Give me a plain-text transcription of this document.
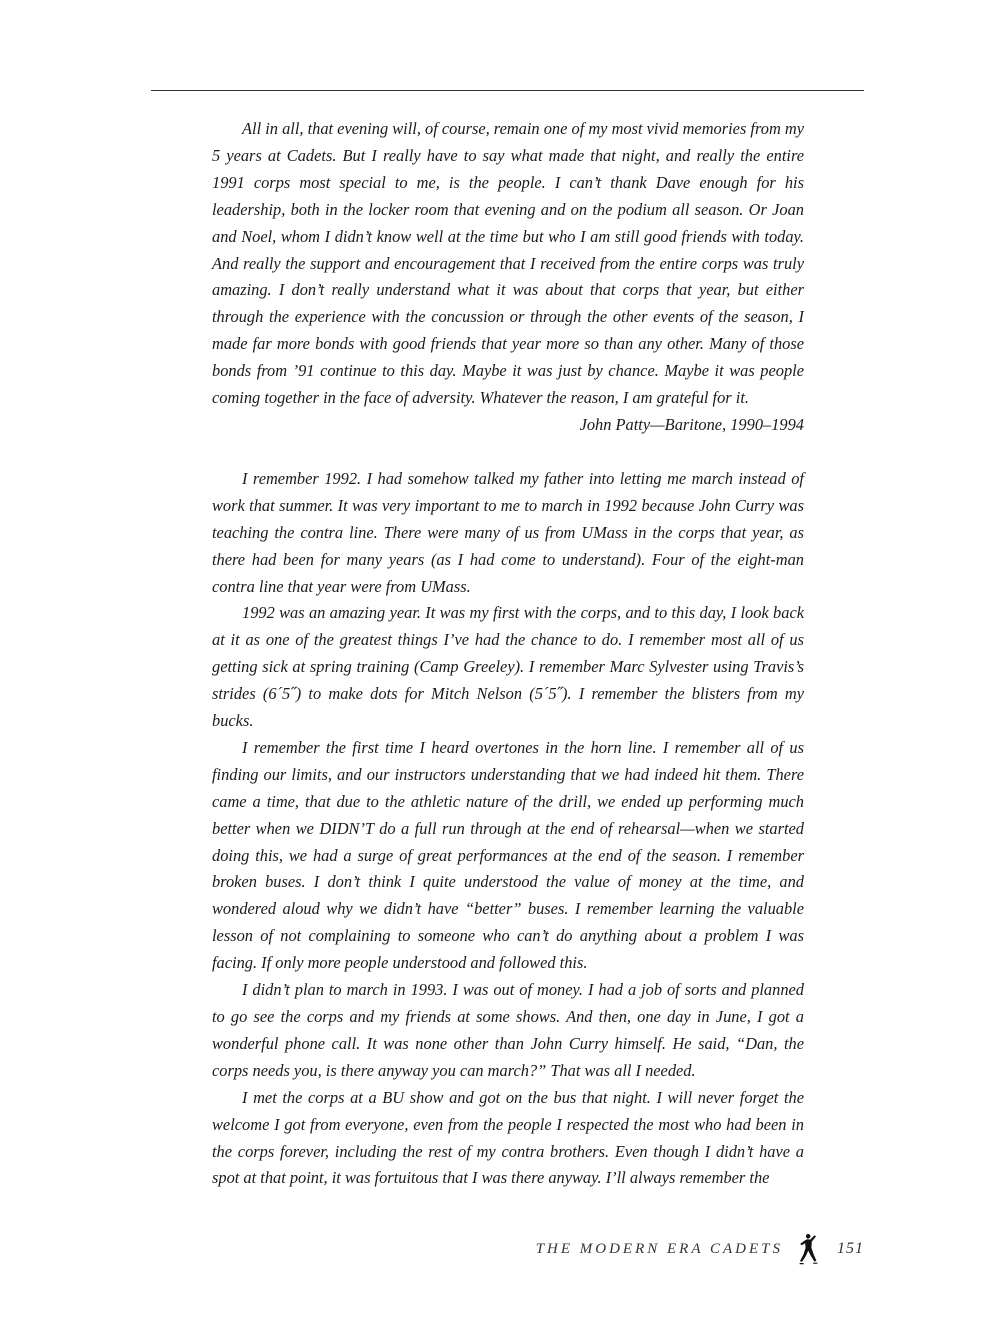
All in all, that evening will, of course, remain one of my most vivid memories from my 5 years at Cadets. But I really have to say what made that night, and really the entire 1991 corps most special to me, is the people. I can’t thank Dave enough for his leadership, both in the locker room that evening and on the podium all season. Or Joan and Noel, whom I didn’t know well at the time but who I am still good friends with today. And really the support and encouragement that I received from the entire corps was truly amazing. I don’t really understand what it was about that corps that year, but either through the experience with the concussion or through the other events of the season, I made far more bonds with good friends that year more so than any other. Many of those bonds from ’91 continue to this day. Maybe it was just by chance. Maybe it was people coming together in the face of adversity. Whatever the reason, I am grateful for it.

John Patty—Baritone, 1990–1994

I remember 1992. I had somehow talked my father into letting me march instead of work that summer. It was very important to me to march in 1992 because John Curry was teaching the contra line. There were many of us from UMass in the corps that year, as there had been for many years (as I had come to understand). Four of the eight-man contra line that year were from UMass.

1992 was an amazing year. It was my first with the corps, and to this day, I look back at it as one of the greatest things I’ve had the chance to do. I remember most all of us getting sick at spring training (Camp Greeley). I remember Marc Sylvester using Travis’s strides (6´5˝) to make dots for Mitch Nelson (5´5˝). I remember the blisters from my bucks.

I remember the first time I heard overtones in the horn line. I remember all of us finding our limits, and our instructors understanding that we had indeed hit them. There came a time, that due to the athletic nature of the drill, we ended up performing much better when we DIDN’T do a full run through at the end of rehearsal—when we started doing this, we had a surge of great performances at the end of the season. I remember broken buses. I don’t think I quite understood the value of money at the time, and wondered aloud why we didn’t have “better” buses. I remember learning the valuable lesson of not complaining to someone who can’t do anything about a problem I was facing. If only more people understood and followed this.

I didn’t plan to march in 1993. I was out of money. I had a job of sorts and planned to go see the corps and my friends at some shows. And then, one day in June, I got a wonderful phone call. It was none other than John Curry himself. He said, “Dan, the corps needs you, is there anyway you can march?” That was all I needed.

I met the corps at a BU show and got on the bus that night. I will never forget the welcome I got from everyone, even from the people I respected the most who had been in the corps forever, including the rest of my contra brothers. Even though I didn’t have a spot at that point, it was fortuitous that I was there anyway. I’ll always remember the

THE MODERN ERA CADETS	151
